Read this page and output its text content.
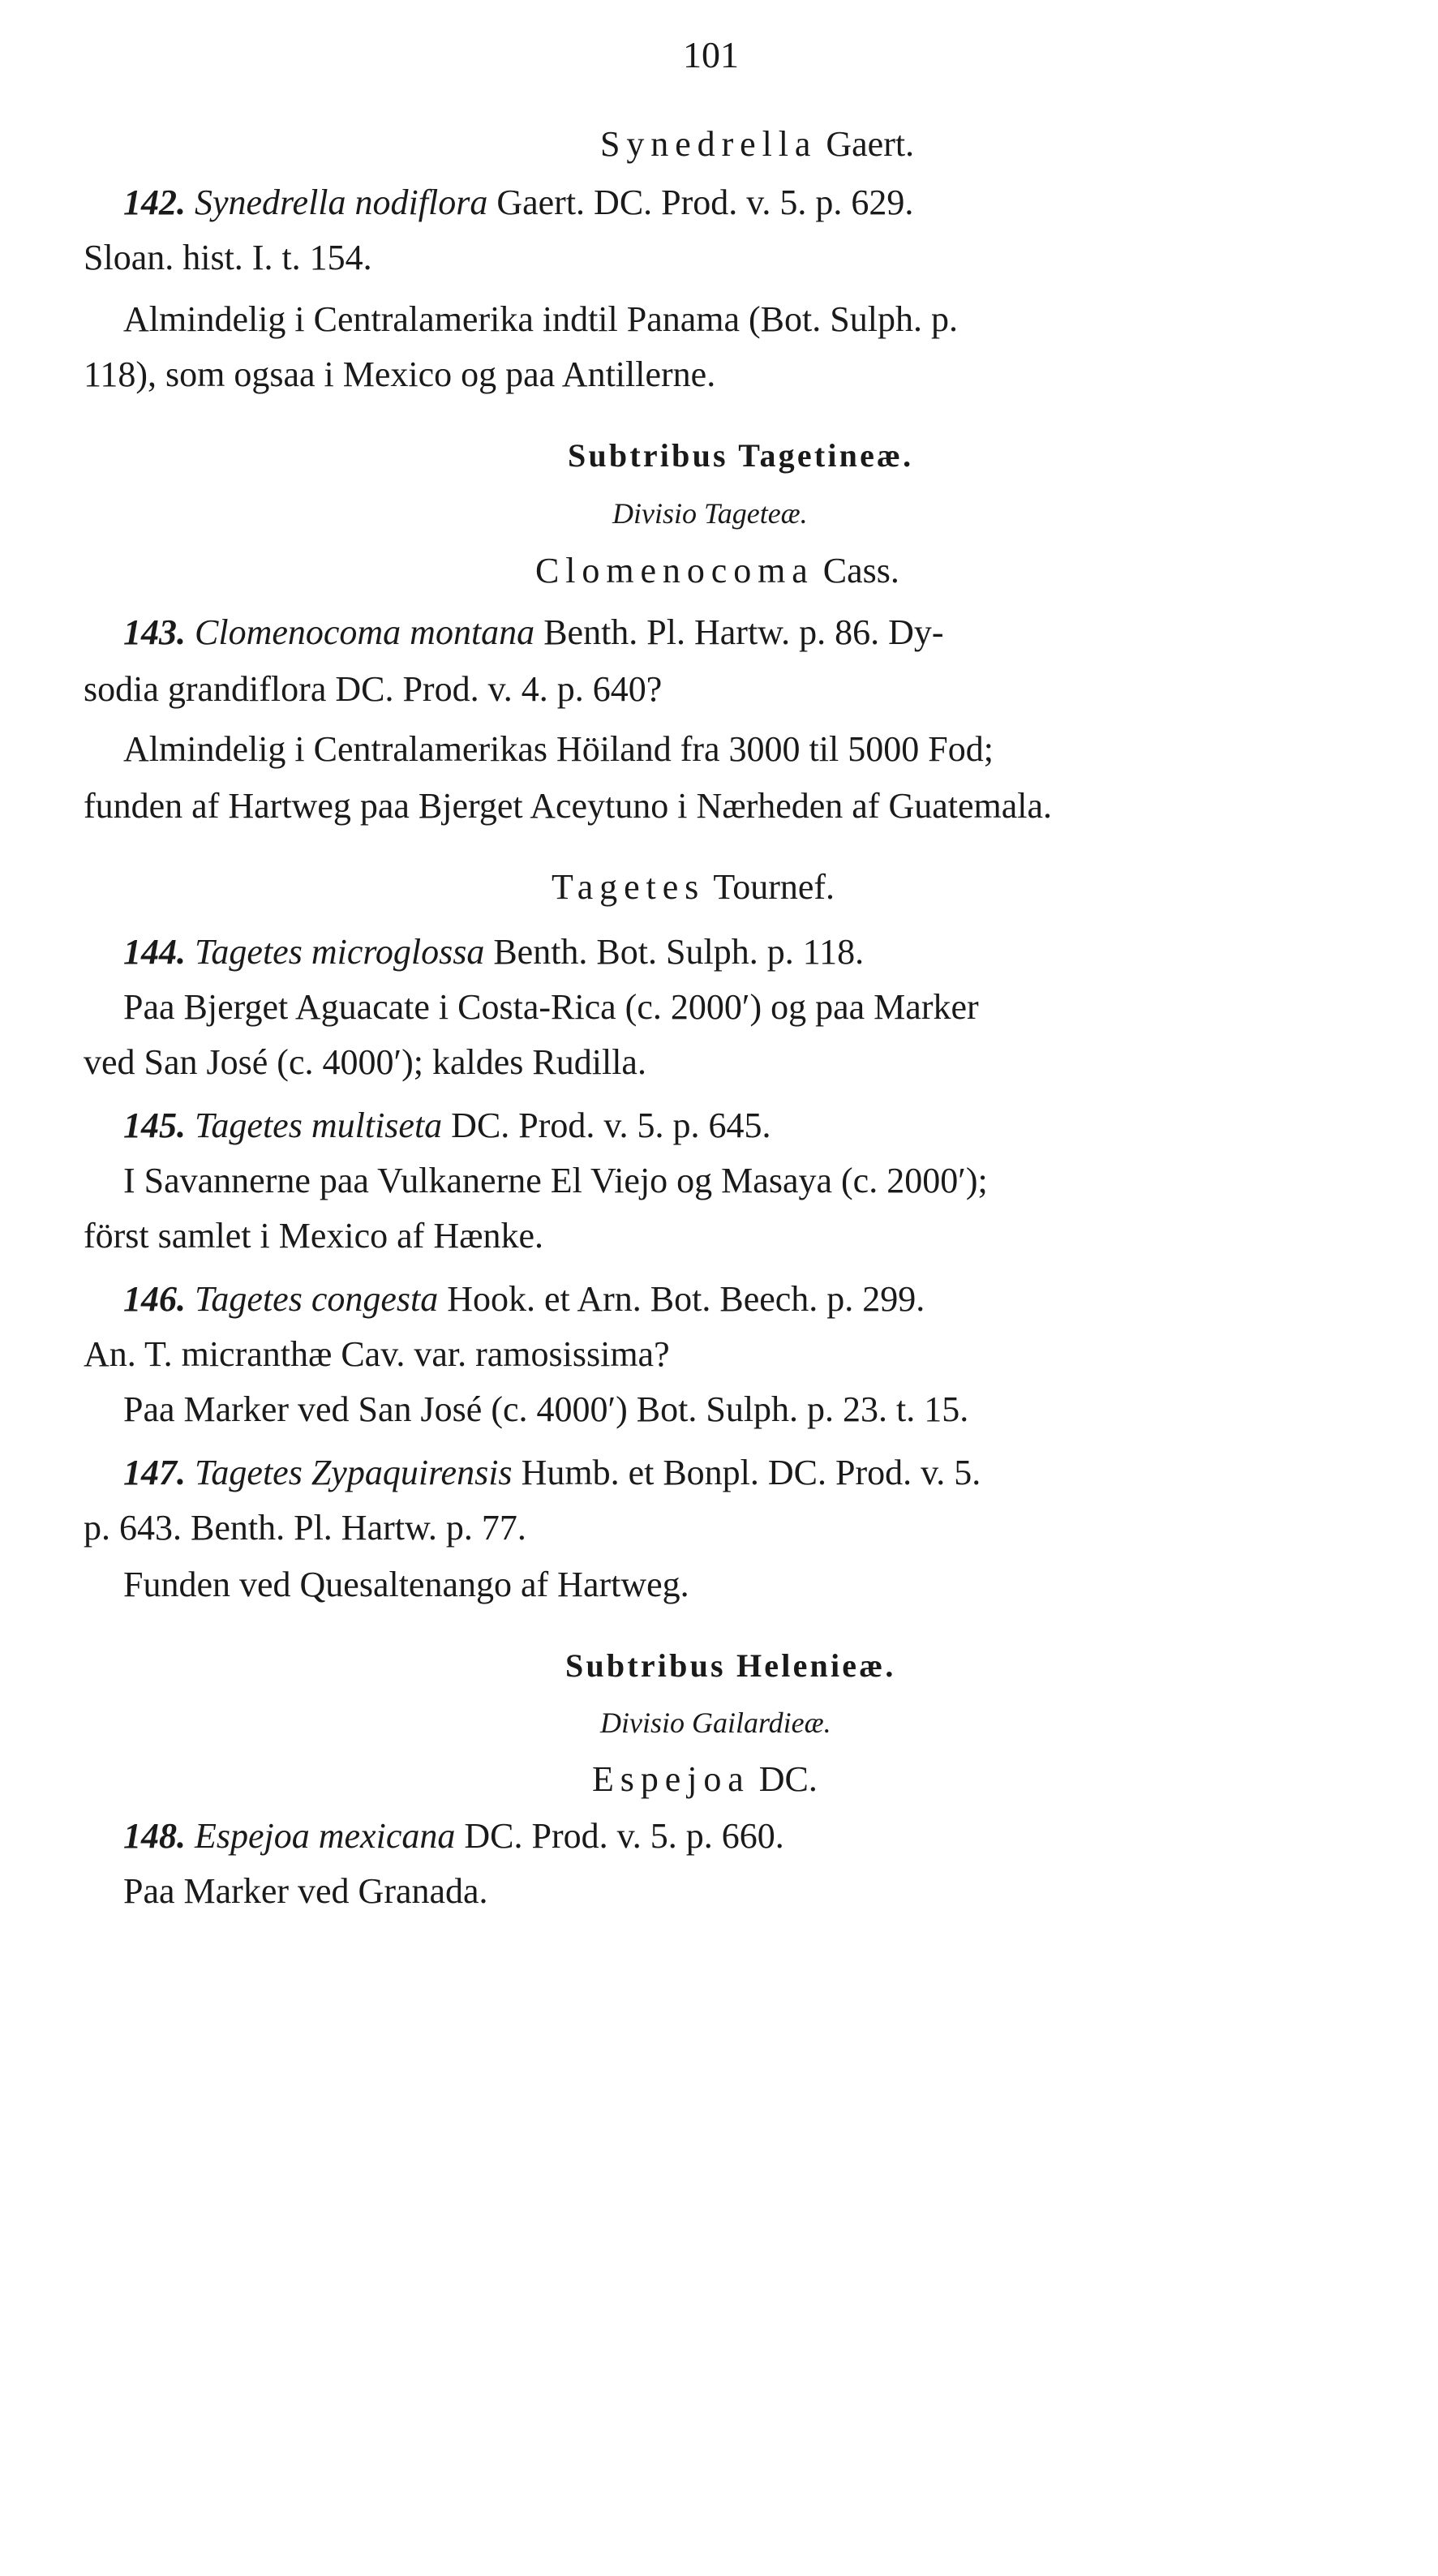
101
Synedrella Gaert.
142. Synedrella nodiflora Gaert. DC. Prod. v. 5. p. 629.
Sloan. hist. I. t. 154.
Almindelig i Centralamerika indtil Panama (Bot. Sulph. p.
118), som ogsaa i Mexico og paa Antillerne.
Subtribus Tagetineæ.
Divisio Tageteæ.
Clomenocoma Cass.
143. Clomenocoma montana Benth. Pl. Hartw. p. 86. Dy-
sodia grandiflora DC. Prod. v. 4. p. 640?
Almindelig i Centralamerikas Höiland fra 3000 til 5000 Fod;
funden af Hartweg paa Bjerget Aceytuno i Nærheden af Guatemala.
Tagetes Tournef.
144. Tagetes microglossa Benth. Bot. Sulph. p. 118.
Paa Bjerget Aguacate i Costa-Rica (c. 2000′) og paa Marker
ved San José (c. 4000′); kaldes Rudilla.
145. Tagetes multiseta DC. Prod. v. 5. p. 645.
I Savannerne paa Vulkanerne El Viejo og Masaya (c. 2000′);
först samlet i Mexico af Hænke.
146. Tagetes congesta Hook. et Arn. Bot. Beech. p. 299.
An. T. micranthæ Cav. var. ramosissima?
Paa Marker ved San José (c. 4000′) Bot. Sulph. p. 23. t. 15.
147. Tagetes Zypaquirensis Humb. et Bonpl. DC. Prod. v. 5.
p. 643. Benth. Pl. Hartw. p. 77.
Funden ved Quesaltenango af Hartweg.
Subtribus Helenieæ.
Divisio Gailardieæ.
Espejoa DC.
148. Espejoa mexicana DC. Prod. v. 5. p. 660.
Paa Marker ved Granada.
